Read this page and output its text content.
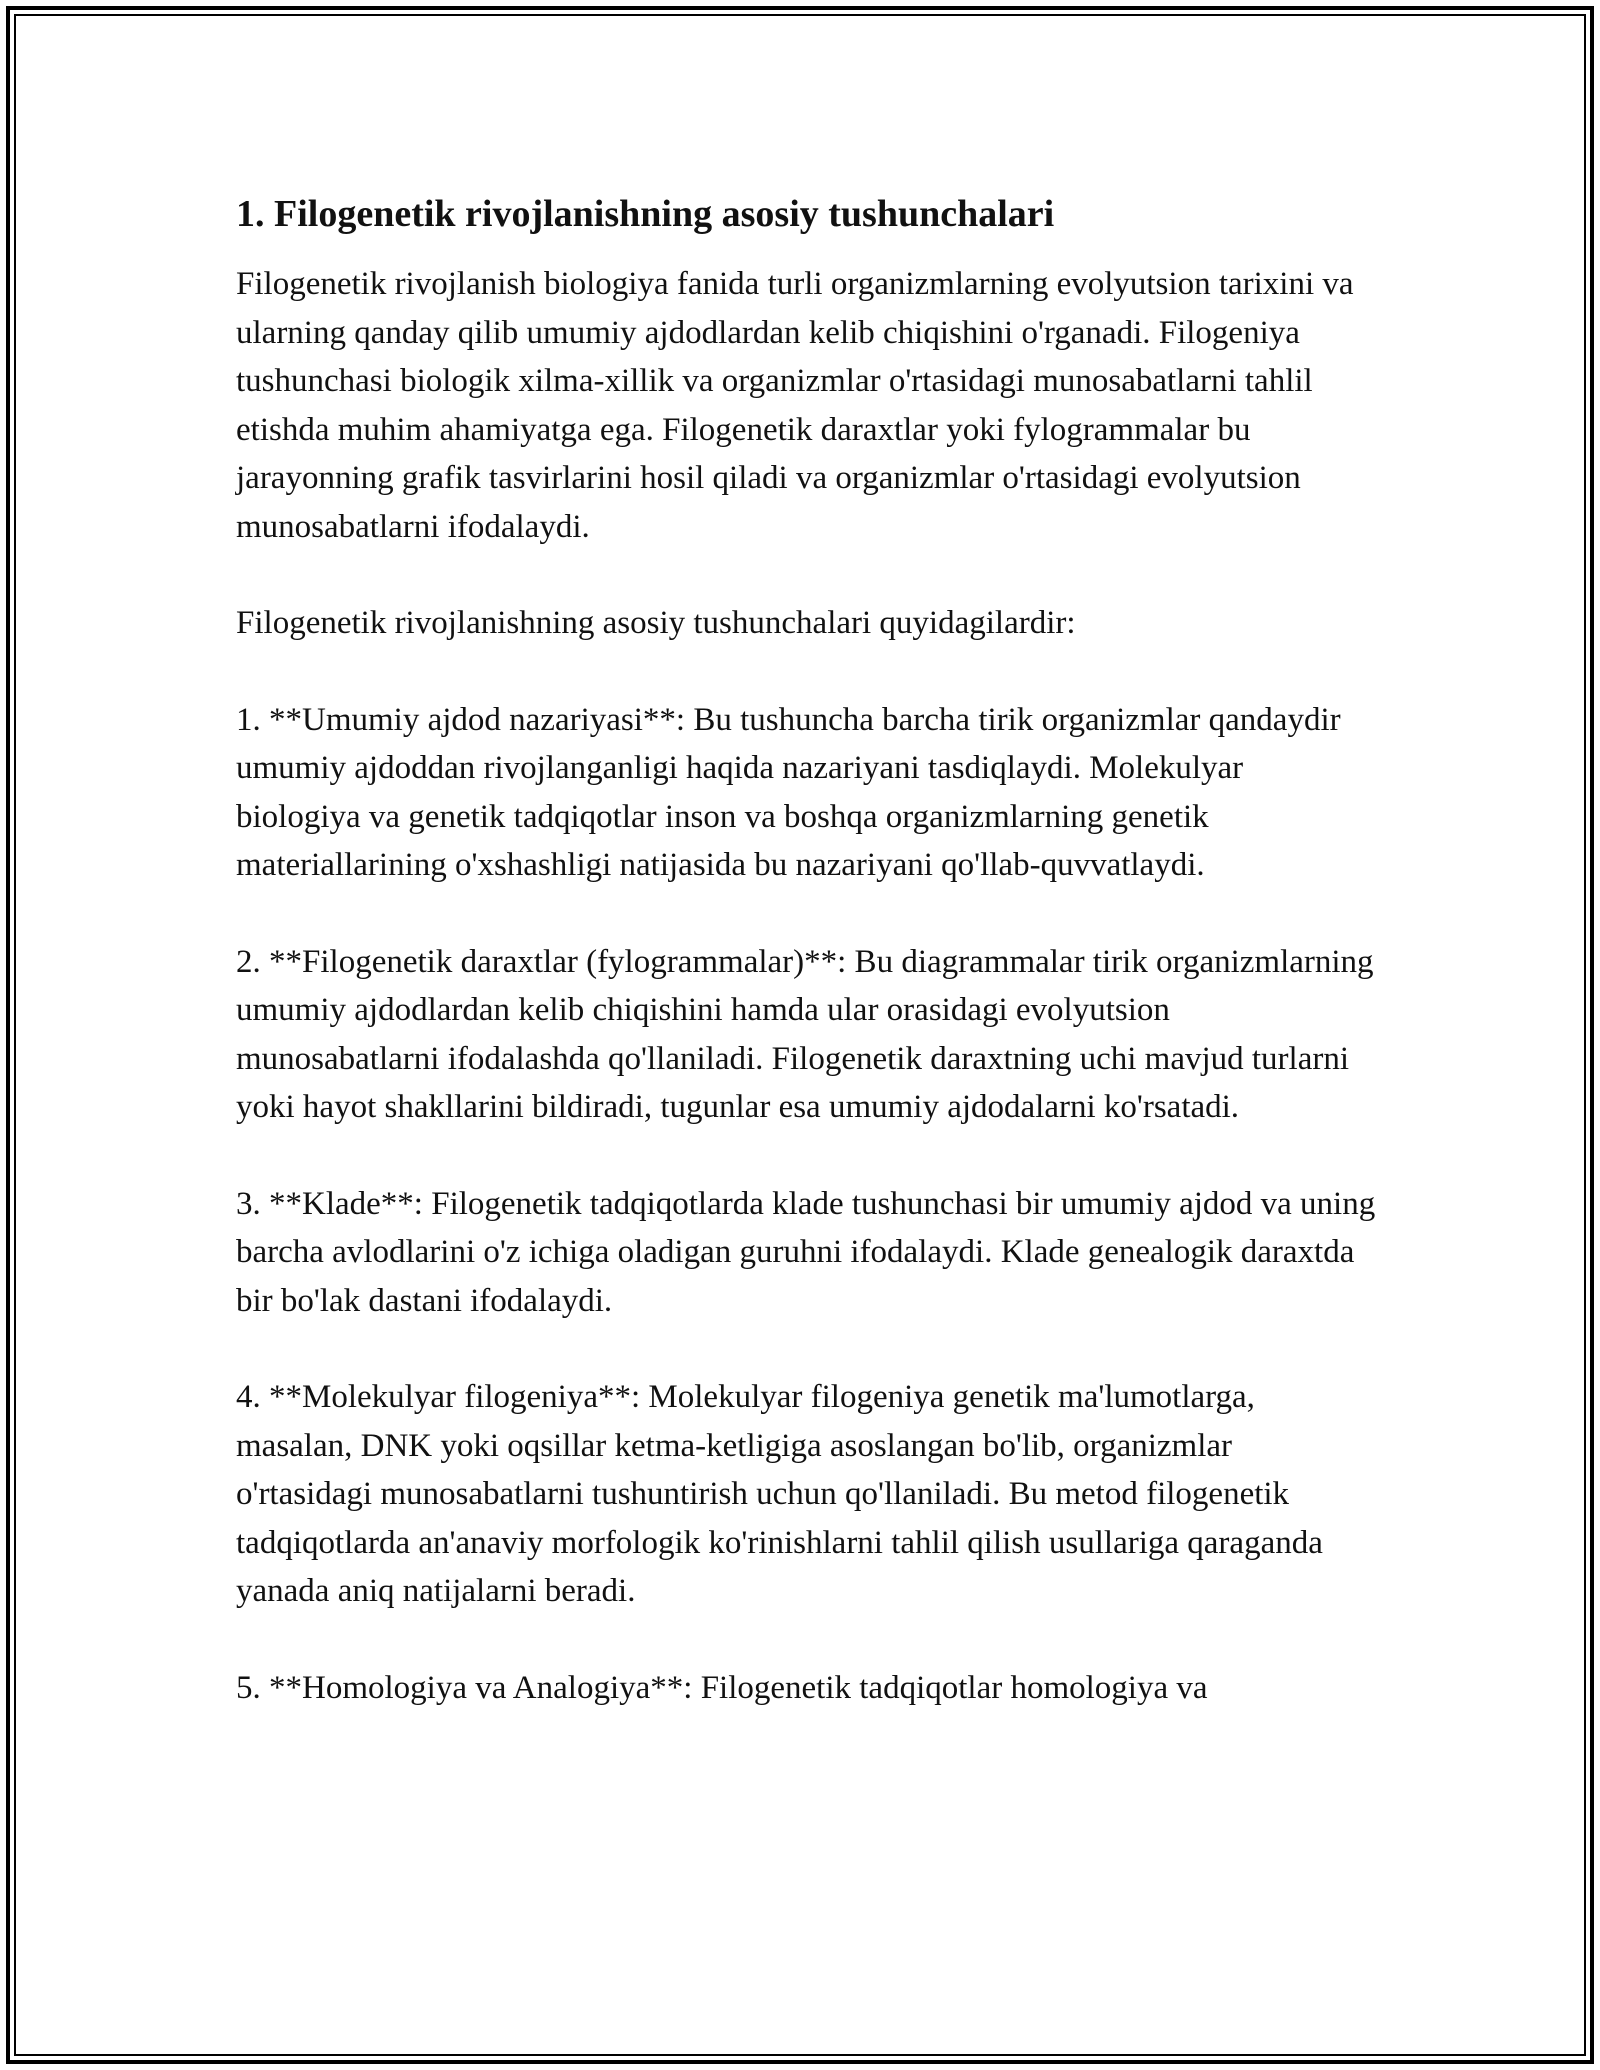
1. Filogenetik rivojlanishning asosiy tushunchalari

Filogenetik rivojlanish biologiya fanida turli organizmlarning evolyutsion tarixini va ularning qanday qilib umumiy ajdodlardan kelib chiqishini o'rganadi. Filogeniya tushunchasi biologik xilma-xillik va organizmlar o'rtasidagi munosabatlarni tahlil etishda muhim ahamiyatga ega. Filogenetik daraxtlar yoki fylogrammalar bu jarayonning grafik tasvirlarini hosil qiladi va organizmlar o'rtasidagi evolyutsion munosabatlarni ifodalaydi.

Filogenetik rivojlanishning asosiy tushunchalari quyidagilardir:

1. **Umumiy ajdod nazariyasi**: Bu tushuncha barcha tirik organizmlar qandaydir umumiy ajdoddan rivojlanganligi haqida nazariyani tasdiqlaydi. Molekulyar biologiya va genetik tadqiqotlar inson va boshqa organizmlarning genetik materiallarining o'xshashligi natijasida bu nazariyani qo'llab-quvvatlaydi.

2. **Filogenetik daraxtlar (fylogrammalar)**: Bu diagrammalar tirik organizmlarning umumiy ajdodlardan kelib chiqishini hamda ular orasidagi evolyutsion munosabatlarni ifodalashda qo'llaniladi. Filogenetik daraxtning uchi mavjud turlarni yoki hayot shakllarini bildiradi, tugunlar esa umumiy ajdodalarni ko'rsatadi.

3. **Klade**: Filogenetik tadqiqotlarda klade tushunchasi bir umumiy ajdod va uning barcha avlodlarini o'z ichiga oladigan guruhni ifodalaydi. Klade genealogik daraxtda bir bo'lak dastani ifodalaydi.

4. **Molekulyar filogeniya**: Molekulyar filogeniya genetik ma'lumotlarga, masalan, DNK yoki oqsillar ketma-ketligiga asoslangan bo'lib, organizmlar o'rtasidagi munosabatlarni tushuntirish uchun qo'llaniladi. Bu metod filogenetik tadqiqotlarda an'anaviy morfologik ko'rinishlarni tahlil qilish usullariga qaraganda yanada aniq natijalarni beradi.

5. **Homologiya va Analogiya**: Filogenetik tadqiqotlar homologiya va
